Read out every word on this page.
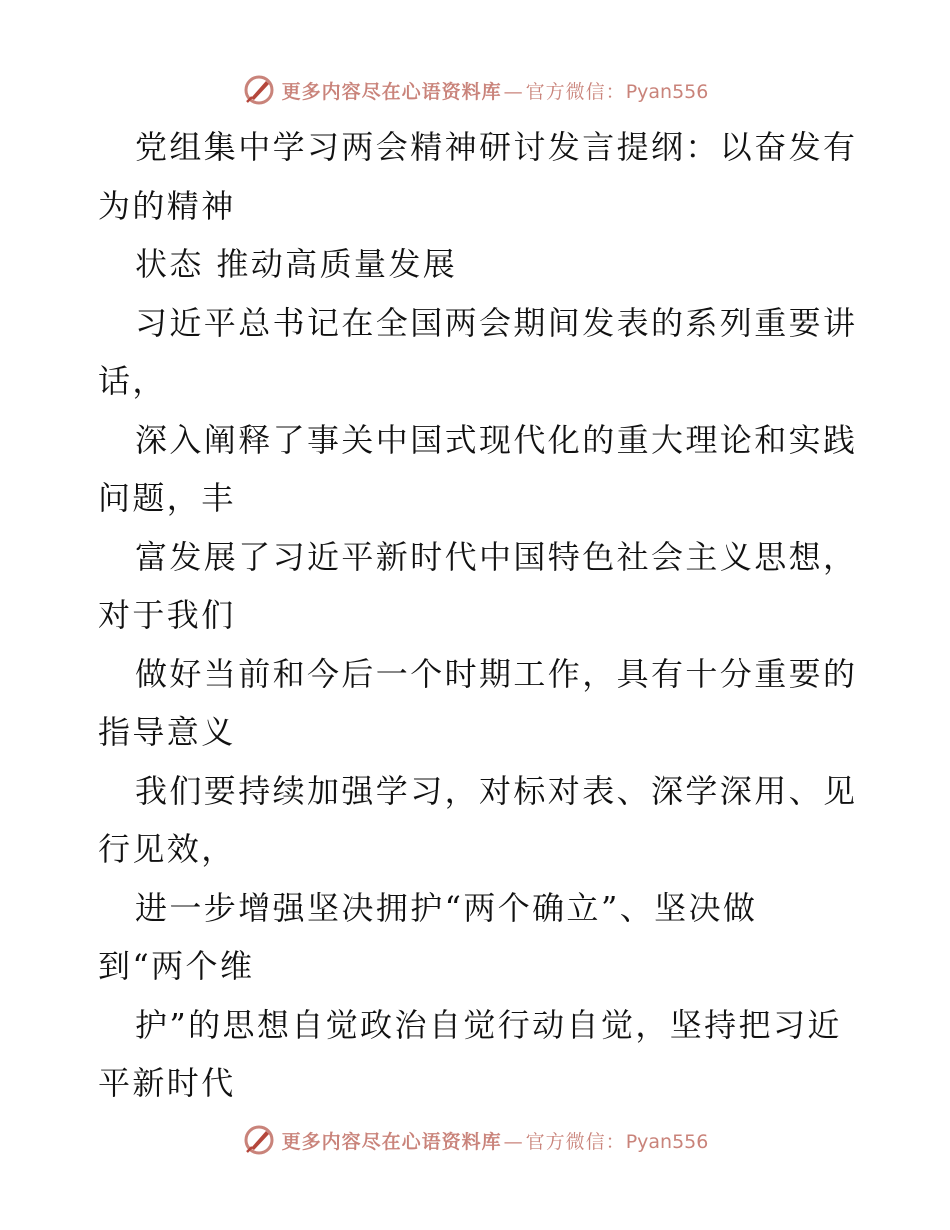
更多内容尽在心语资料库 — 官方微信：Pyan556
党组集中学习两会精神研讨发言提纲：以奋发有
为的精神
状态 推动高质量发展
习近平总书记在全国两会期间发表的系列重要讲
话，
深入阐释了事关中国式现代化的重大理论和实践
问题，丰
富发展了习近平新时代中国特色社会主义思想，
对于我们
做好当前和今后一个时期工作，具有十分重要的
指导意义
我们要持续加强学习，对标对表、深学深用、见
行见效，
进一步增强坚决拥护“两个确立”、坚决做
到“两个维
护”的思想自觉政治自觉行动自觉，坚持把习近
平新时代
更多内容尽在心语资料库 — 官方微信：Pyan556
